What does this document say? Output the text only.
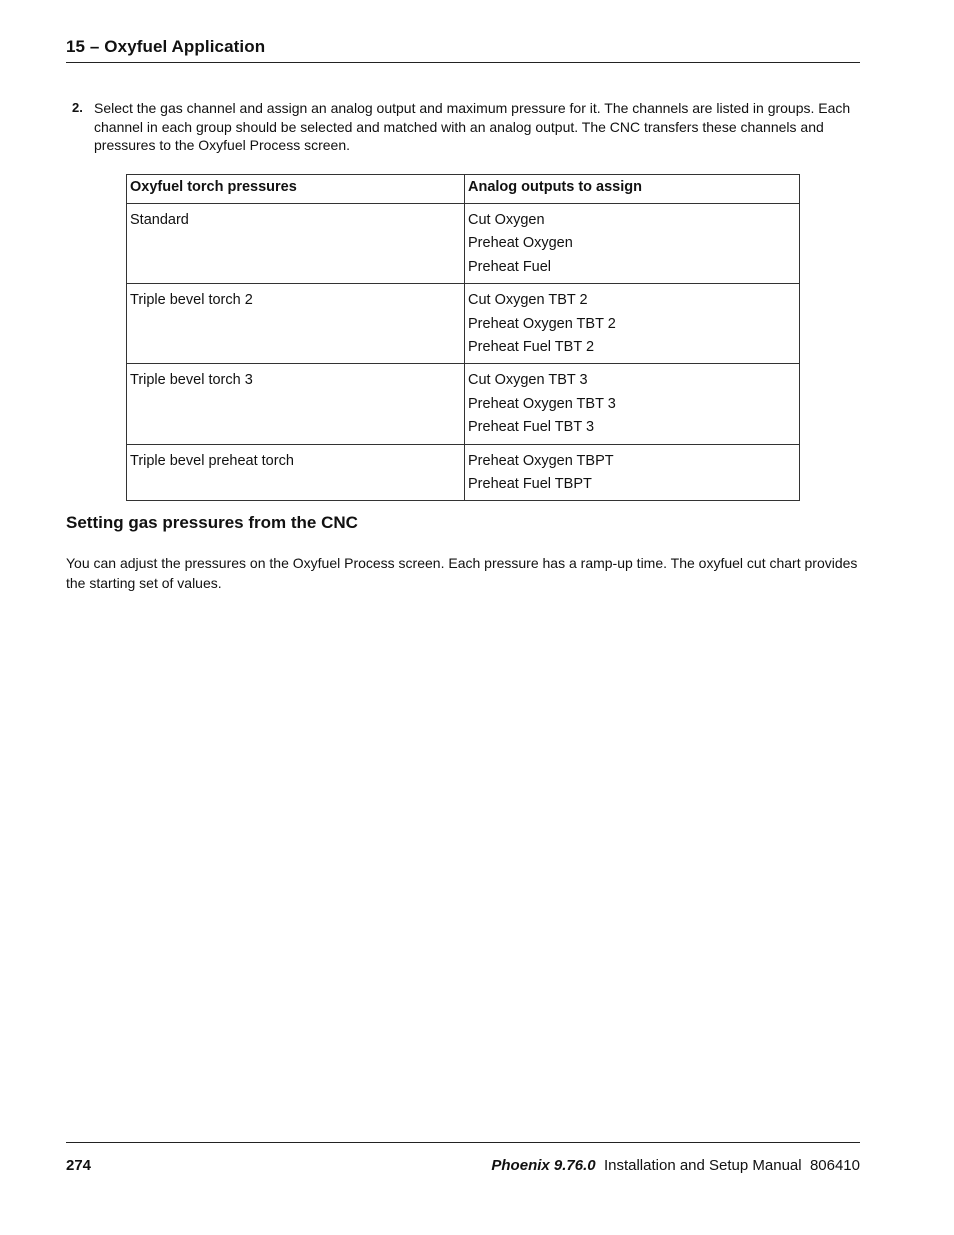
15 – Oxyfuel Application
2. Select the gas channel and assign an analog output and maximum pressure for it. The channels are listed in groups. Each channel in each group should be selected and matched with an analog output. The CNC transfers these channels and pressures to the Oxyfuel Process screen.
Oxyfuel torch pressures	Analog outputs to assign
Standard	Cut Oxygen
Preheat Oxygen
Preheat Fuel

Triple bevel torch 2	Cut Oxygen TBT 2
Preheat Oxygen TBT 2
Preheat Fuel TBT 2

Triple bevel torch 3	Cut Oxygen TBT 3
Preheat Oxygen TBT 3
Preheat Fuel TBT 3

Triple bevel preheat torch	Preheat Oxygen TBPT
Preheat Fuel TBPT
Setting gas pressures from the CNC
You can adjust the pressures on the Oxyfuel Process screen. Each pressure has a ramp-up time. The oxyfuel cut chart provides the starting set of values.
274	Phoenix 9.76.0 Installation and Setup Manual 806410
